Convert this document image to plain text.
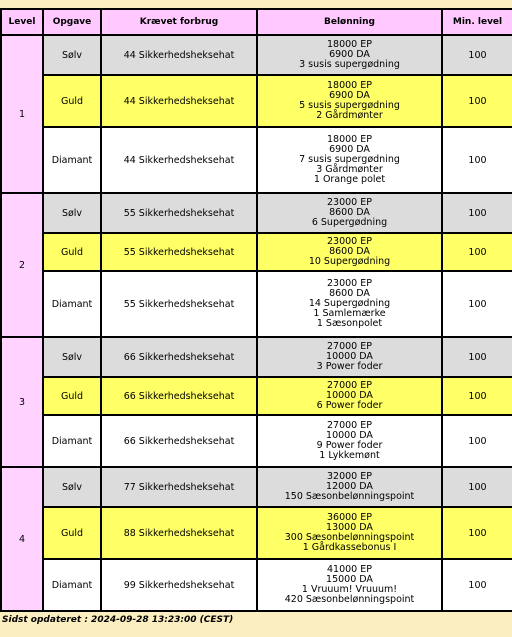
Level	Opgave	Krævet forbrug	Belønning	Min. level
1	Sølv	44 Sikkerhedsheksehat	18000 EP
6900 DA
3 susis supergødning	100
	Guld	44 Sikkerhedsheksehat	18000 EP
6900 DA
5 susis supergødning
2 Gårdmønter	100
	Diamant	44 Sikkerhedsheksehat	18000 EP
6900 DA
7 susis supergødning
3 Gårdmønter
1 Orange polet	100
2	Sølv	55 Sikkerhedsheksehat	23000 EP
8600 DA
6 Supergødning	100
	Guld	55 Sikkerhedsheksehat	23000 EP
8600 DA
10 Supergødning	100
	Diamant	55 Sikkerhedsheksehat	23000 EP
8600 DA
14 Supergødning
1 Samlemærke
1 Sæsonpolet	100
3	Sølv	66 Sikkerhedsheksehat	27000 EP
10000 DA
3 Power foder	100
	Guld	66 Sikkerhedsheksehat	27000 EP
10000 DA
6 Power foder	100
	Diamant	66 Sikkerhedsheksehat	27000 EP
10000 DA
9 Power foder
1 Lykkemønt	100
4	Sølv	77 Sikkerhedsheksehat	32000 EP
12000 DA
150 Sæsonbelønningspoint	100
	Guld	88 Sikkerhedsheksehat	36000 EP
13000 DA
300 Sæsonbelønningspoint
1 Gårdkassebonus I	100
	Diamant	99 Sikkerhedsheksehat	41000 EP
15000 DA
1 Vruuum! Vruuum!
420 Sæsonbelønningspoint	100
Sidst opdateret : 2024-09-28 13:23:00 (CEST)
